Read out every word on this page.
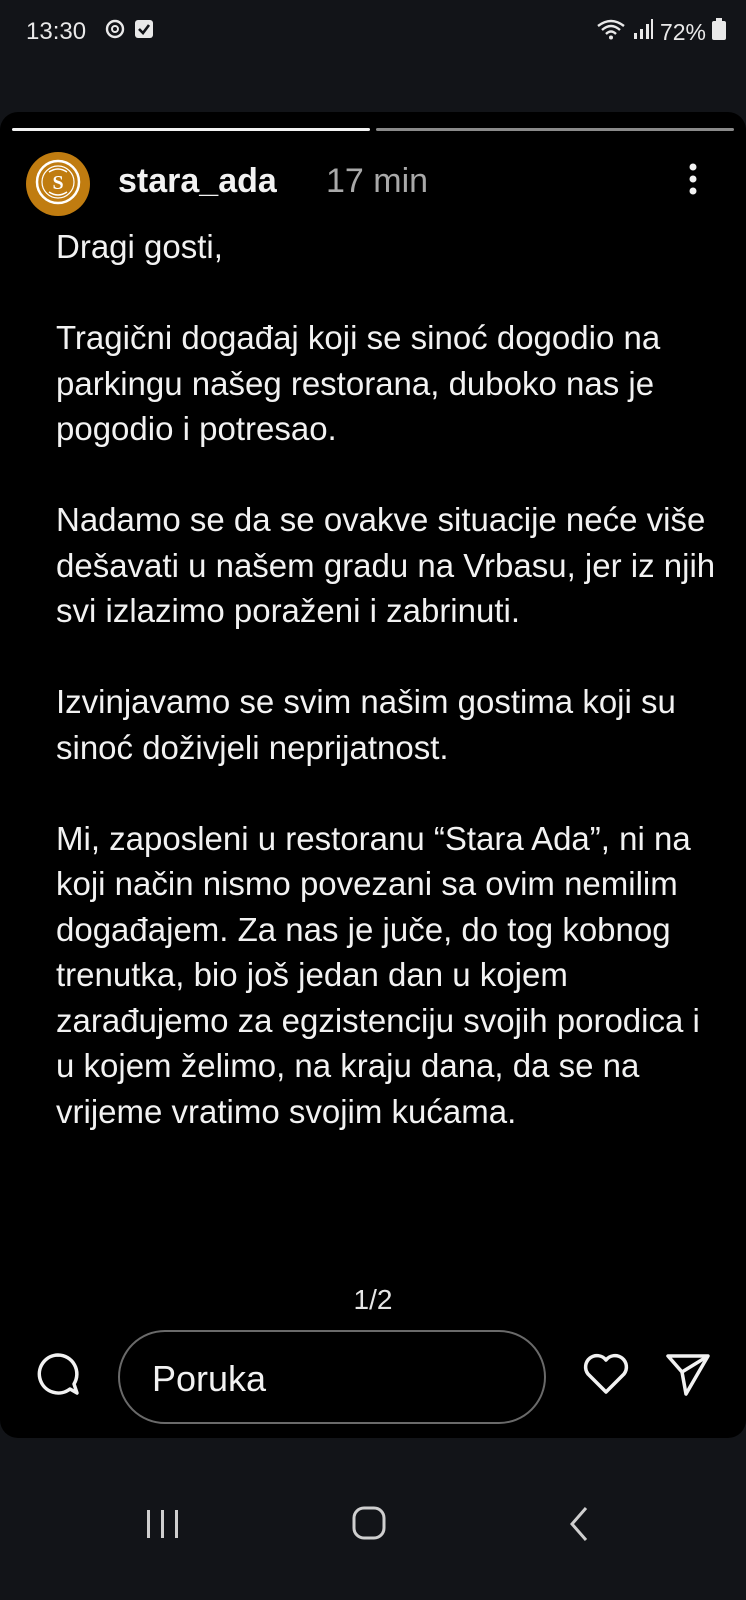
13:30	72%
S stara_ada 17 min

Dragi gosti,

Tragični događaj koji se sinoć dogodio na parkingu našeg restorana, duboko nas je pogodio i potresao.

Nadamo se da se ovakve situacije neće više dešavati u našem gradu na Vrbasu, jer iz njih svi izlazimo poraženi i zabrinuti.

Izvinjavamo se svim našim gostima koji su sinoć doživjeli neprijatnost.

Mi, zaposleni u restoranu “Stara Ada”, ni na koji način nismo povezani sa ovim nemilim događajem. Za nas je juče, do tog kobnog trenutka, bio još jedan dan u kojem zarađujemo za egzistenciju svojih porodica i u kojem želimo, na kraju dana, da se na vrijeme vratimo svojim kućama.

1/2
Poruka
